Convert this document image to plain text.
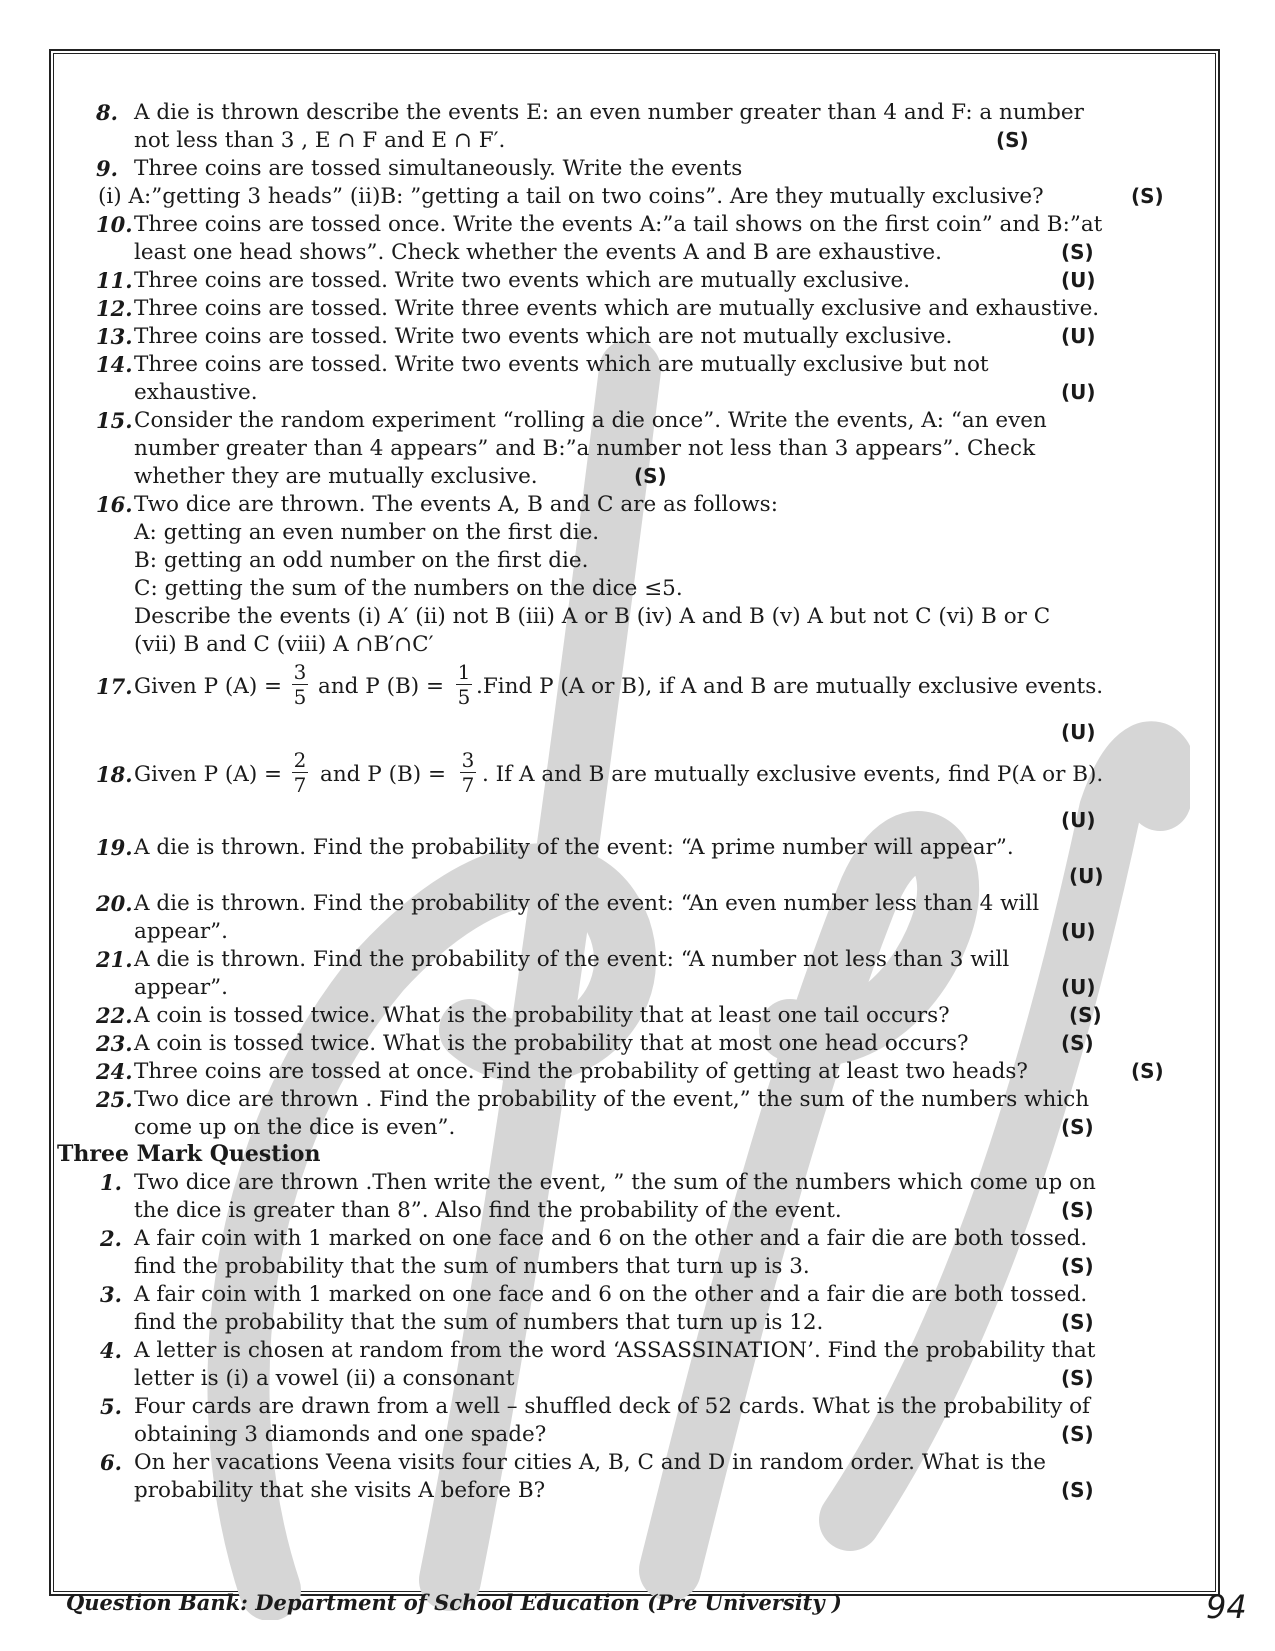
8. A die is thrown describe the events E: an even number greater than 4 and F: a number
not less than 3 , E ∩ F and E ∩ F′.	(S)
9. Three coins are tossed simultaneously. Write the events
(i) A:”getting 3 heads” (ii)B: ”getting a tail on two coins”. Are they mutually exclusive?	(S)
10. Three coins are tossed once. Write the events A:”a tail shows on the first coin” and B:”at
least one head shows”. Check whether the events A and B are exhaustive.	(S)
11. Three coins are tossed. Write two events which are mutually exclusive.	(U)
12. Three coins are tossed. Write three events which are mutually exclusive and exhaustive.
13. Three coins are tossed. Write two events which are not mutually exclusive.	(U)
14. Three coins are tossed. Write two events which are mutually exclusive but not
exhaustive.	(U)
15. Consider the random experiment “rolling a die once”. Write the events, A: “an even
number greater than 4 appears” and B:”a number not less than 3 appears”. Check
whether they are mutually exclusive.	(S)
16. Two dice are thrown. The events A, B and C are as follows:
A: getting an even number on the first die.
B: getting an odd number on the first die.
C: getting the sum of the numbers on the dice ≤5.
Describe the events (i) A′ (ii) not B (iii) A or B (iv) A and B (v) A but not C (vi) B or C
(vii) B and C (viii) A ∩B′∩C′
17. Given P (A) =
3
5 and P (B) =
1
5 .Find P (A or B), if A and B are mutually exclusive events.
(U)
18. Given P (A) =
2
7 and P (B) =
3
7 . If A and B are mutually exclusive events, find P(A or B).
(U)
19. A die is thrown. Find the probability of the event: “A prime number will appear”.
(U)
20. A die is thrown. Find the probability of the event: “An even number less than 4 will
appear”.	(U)
21. A die is thrown. Find the probability of the event: “A number not less than 3 will
appear”.	(U)
22. A coin is tossed twice. What is the probability that at least one tail occurs?	(S)
23. A coin is tossed twice. What is the probability that at most one head occurs?	(S)
24. Three coins are tossed at once. Find the probability of getting at least two heads?	(S)
25. Two dice are thrown . Find the probability of the event,” the sum of the numbers which
come up on the dice is even”.	(S)
Three Mark Question
1. Two dice are thrown .Then write the event, ” the sum of the numbers which come up on
the dice is greater than 8”. Also find the probability of the event.	(S)
2. A fair coin with 1 marked on one face and 6 on the other and a fair die are both tossed.
find the probability that the sum of numbers that turn up is 3.	(S)
3. A fair coin with 1 marked on one face and 6 on the other and a fair die are both tossed.
find the probability that the sum of numbers that turn up is 12.	(S)
4. A letter is chosen at random from the word ‘ASSASSINATION’. Find the probability that
letter is (i) a vowel (ii) a consonant	(S)
5. Four cards are drawn from a well – shuffled deck of 52 cards. What is the probability of
obtaining 3 diamonds and one spade?	(S)
6. On her vacations Veena visits four cities A, B, C and D in random order. What is the
probability that she visits A before B?	(S)
Question Bank: Department of School Education (Pre University )	94
